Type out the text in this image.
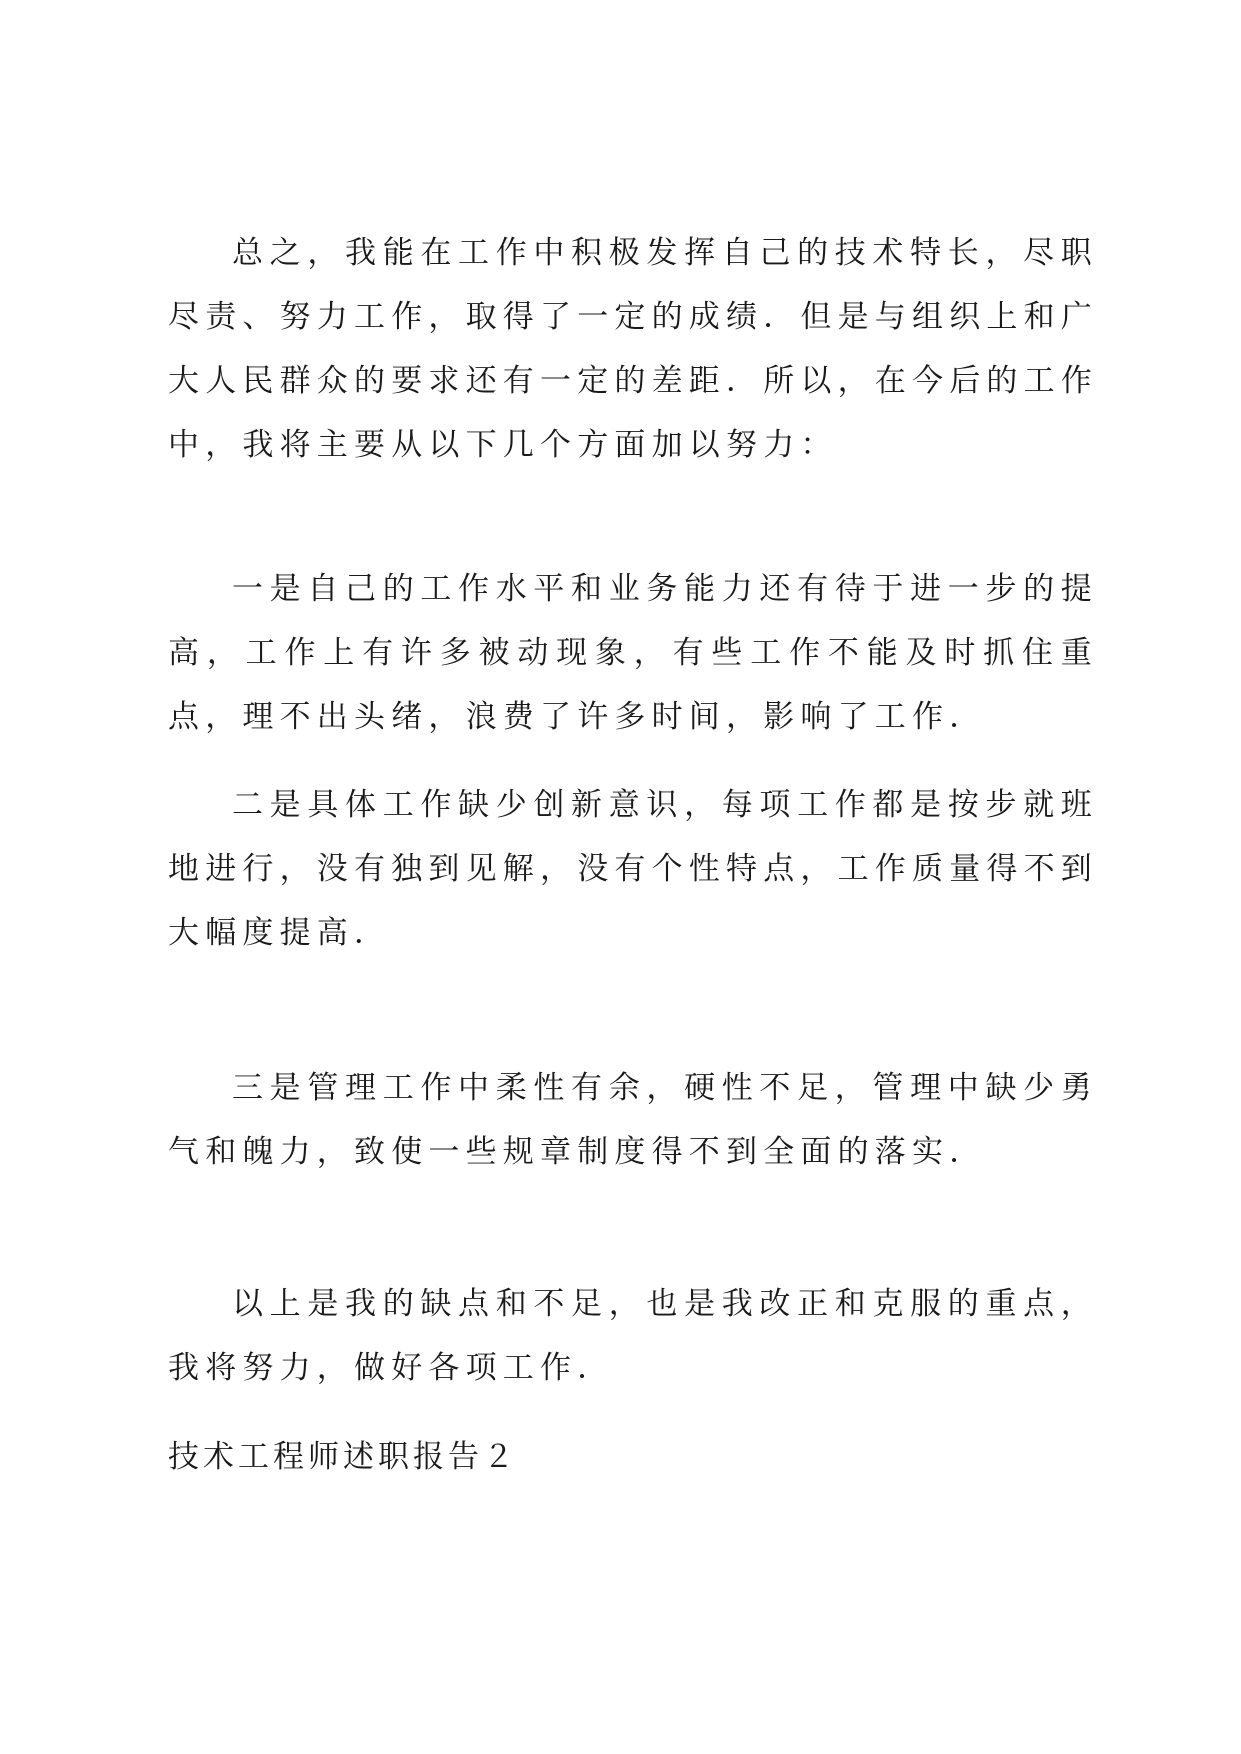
总之，我能在工作中积极发挥自己的技术特长，尽职尽责、努力工作，取得了一定的成绩．但是与组织上和广大人民群众的要求还有一定的差距．所以，在今后的工作中，我将主要从以下几个方面加以努力：

一是自己的工作水平和业务能力还有待于进一步的提高，工作上有许多被动现象，有些工作不能及时抓住重点，理不出头绪，浪费了许多时间，影响了工作．

二是具体工作缺少创新意识，每项工作都是按步就班地进行，没有独到见解，没有个性特点，工作质量得不到大幅度提高．

三是管理工作中柔性有余，硬性不足，管理中缺少勇气和魄力，致使一些规章制度得不到全面的落实．

以上是我的缺点和不足，也是我改正和克服的重点，我将努力，做好各项工作．

技术工程师述职报告２
